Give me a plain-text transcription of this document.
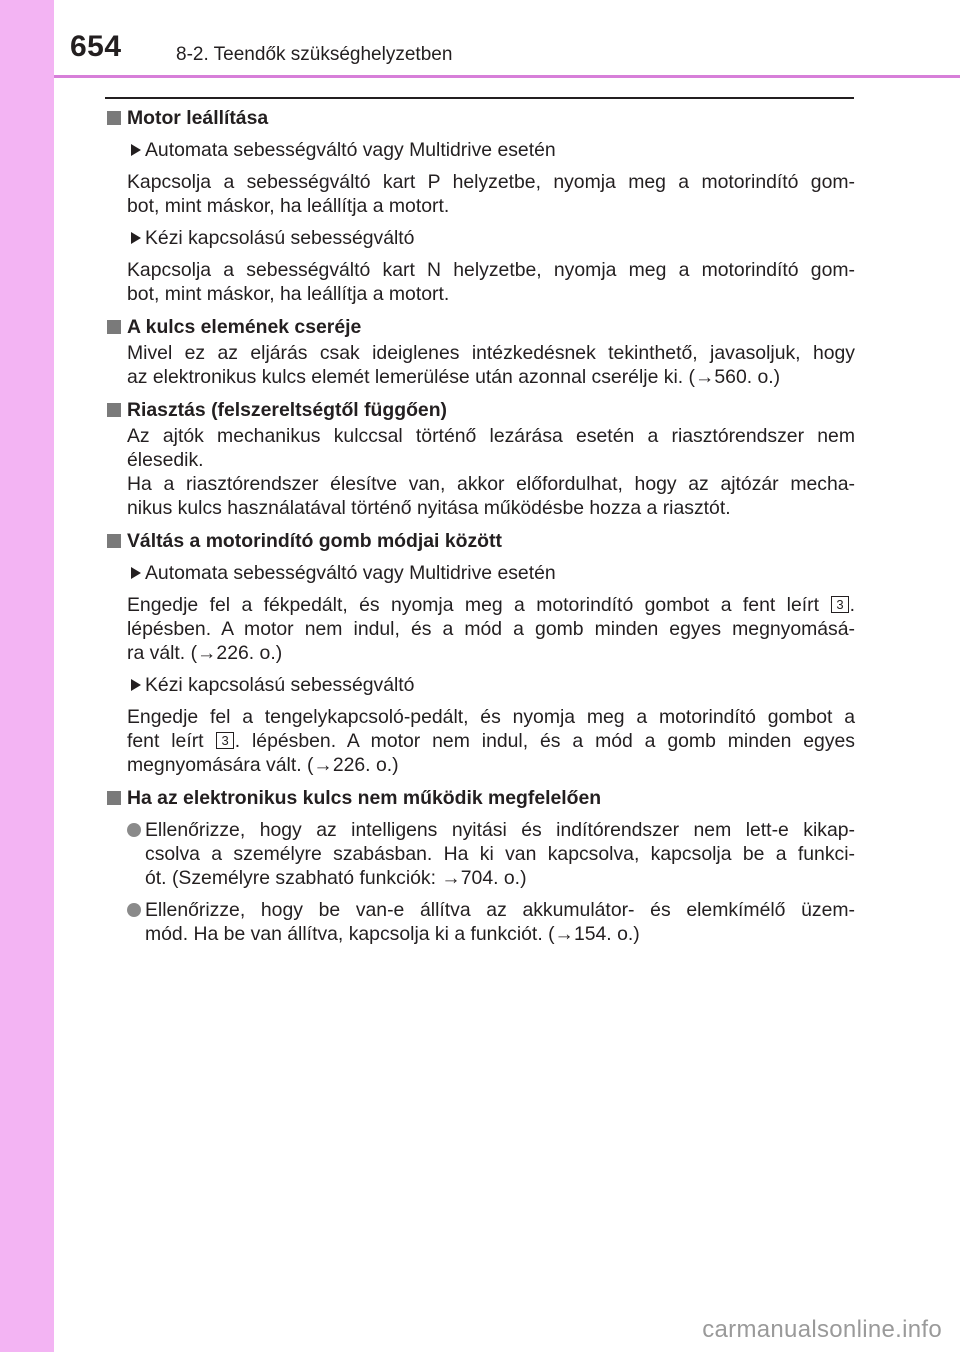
654	8-2. Teendők szükséghelyzetben
Motor leállítása
Automata sebességváltó vagy Multidrive esetén
Kapcsolja a sebességváltó kart P helyzetbe, nyomja meg a motorindító gom-
bot, mint máskor, ha leállítja a motort.
Kézi kapcsolású sebességváltó
Kapcsolja a sebességváltó kart N helyzetbe, nyomja meg a motorindító gom-
bot, mint máskor, ha leállítja a motort.
A kulcs elemének cseréje
Mivel ez az eljárás csak ideiglenes intézkedésnek tekinthető, javasoljuk, hogy
az elektronikus kulcs elemét lemerülése után azonnal cserélje ki. (→560. o.)
Riasztás (felszereltségtől függően)
Az ajtók mechanikus kulccsal történő lezárása esetén a riasztórendszer nem
élesedik.
Ha a riasztórendszer élesítve van, akkor előfordulhat, hogy az ajtózár mecha-
nikus kulcs használatával történő nyitása működésbe hozza a riasztót.
Váltás a motorindító gomb módjai között
Automata sebességváltó vagy Multidrive esetén
Engedje fel a fékpedált, és nyomja meg a motorindító gombot a fent leírt 3 .
lépésben. A motor nem indul, és a mód a gomb minden egyes megnyomásá-
ra vált. (→226. o.)
Kézi kapcsolású sebességváltó
Engedje fel a tengelykapcsoló-pedált, és nyomja meg a motorindító gombot a
fent leírt 3 . lépésben. A motor nem indul, és a mód a gomb minden egyes
megnyomására vált. (→226. o.)
Ha az elektronikus kulcs nem működik megfelelően
Ellenőrizze, hogy az intelligens nyitási és indítórendszer nem lett-e kikap-
csolva a személyre szabásban. Ha ki van kapcsolva, kapcsolja be a funkci-
ót. (Személyre szabható funkciók: →704. o.)
Ellenőrizze, hogy be van-e állítva az akkumulátor- és elemkímélő üzem-
mód. Ha be van állítva, kapcsolja ki a funkciót. (→154. o.)
carmanualsonline.info
